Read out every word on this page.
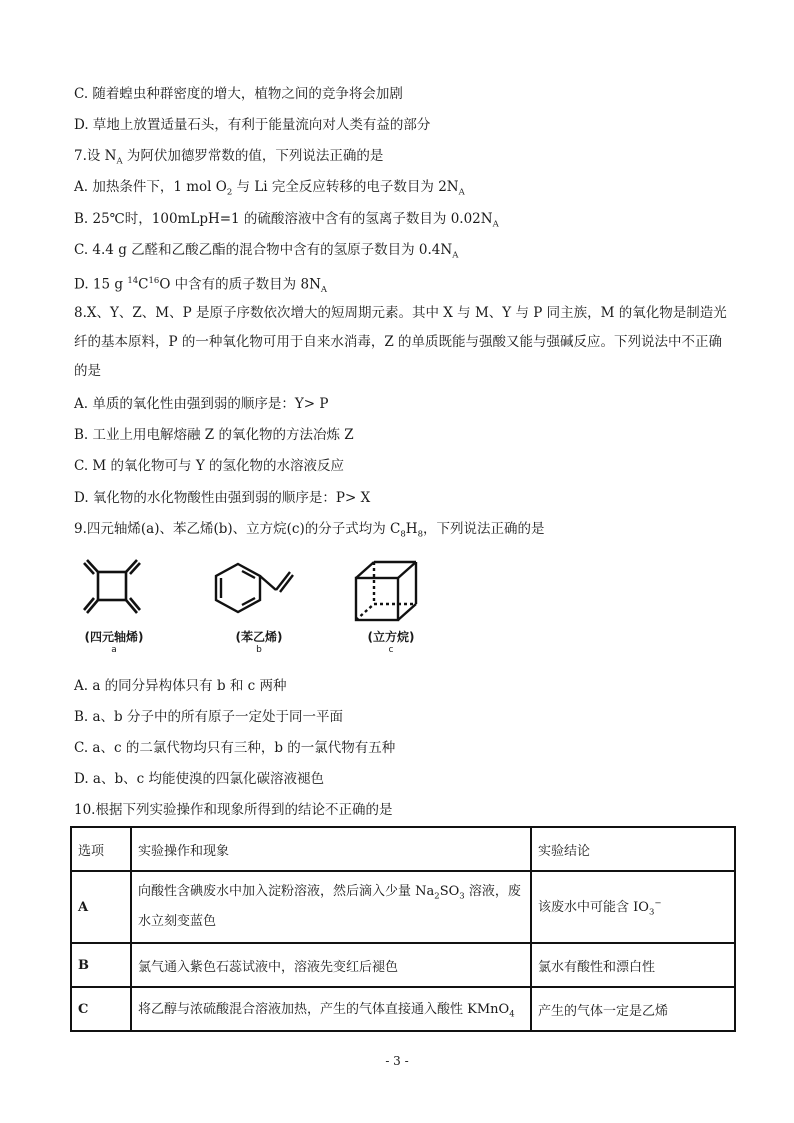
C. 随着蝗虫种群密度的增大，植物之间的竞争将会加剧
D. 草地上放置适量石头，有利于能量流向对人类有益的部分
7.设 $N_A$ 为阿伏加德罗常数的值，下列说法正确的是
A. 加热条件下，1 mol $O_2$ 与 Li 完全反应转移的电子数目为 $2N_A$
B. 25℃时，100mLpH=1 的硫酸溶液中含有的氢离子数目为 $0.02N_A$
C. 4.4 g 乙醛和乙酸乙酯的混合物中含有的氢原子数目为 $0.4N_A$
D. 15 g $^{14}C^{16}O$ 中含有的质子数目为 $8N_A$
8.X、Y、Z、M、P 是原子序数依次增大的短周期元素。其中 X 与 M、Y 与 P 同主族，M 的氧化物是制造光纤的基本原料，P 的一种氧化物可用于自来水消毒，Z 的单质既能与强酸又能与强碱反应。下列说法中不正确的是
A. 单质的氧化性由强到弱的顺序是：Y> P
B. 工业上用电解熔融 Z 的氧化物的方法冶炼 Z
C. M 的氧化物可与 Y 的氢化物的水溶液反应
D. 氧化物的水化物酸性由强到弱的顺序是：P> X
9.四元轴烯(a)、苯乙烯(b)、立方烷(c)的分子式均为 $C_8H_8$，下列说法正确的是
(四元轴烯)
a
(苯乙烯)
b
(立方烷)
c
A. a 的同分异构体只有 b 和 c 两种
B. a、b 分子中的所有原子一定处于同一平面
C. a、c 的二氯代物均只有三种，b 的一氯代物有五种
D. a、b、c 均能使溴的四氯化碳溶液褪色
10.根据下列实验操作和现象所得到的结论不正确的是
选项	实验操作和现象	实验结论
A	向酸性含碘废水中加入淀粉溶液，然后滴入少量 $Na_2SO_3$ 溶液，废水立刻变蓝色	该废水中可能含 $IO_3^-$
B	氯气通入紫色石蕊试液中，溶液先变红后褪色	氯水有酸性和漂白性
C	将乙醇与浓硫酸混合溶液加热，产生的气体直接通入酸性 KMnO$_4$	产生的气体一定是乙烯
- 3 -
